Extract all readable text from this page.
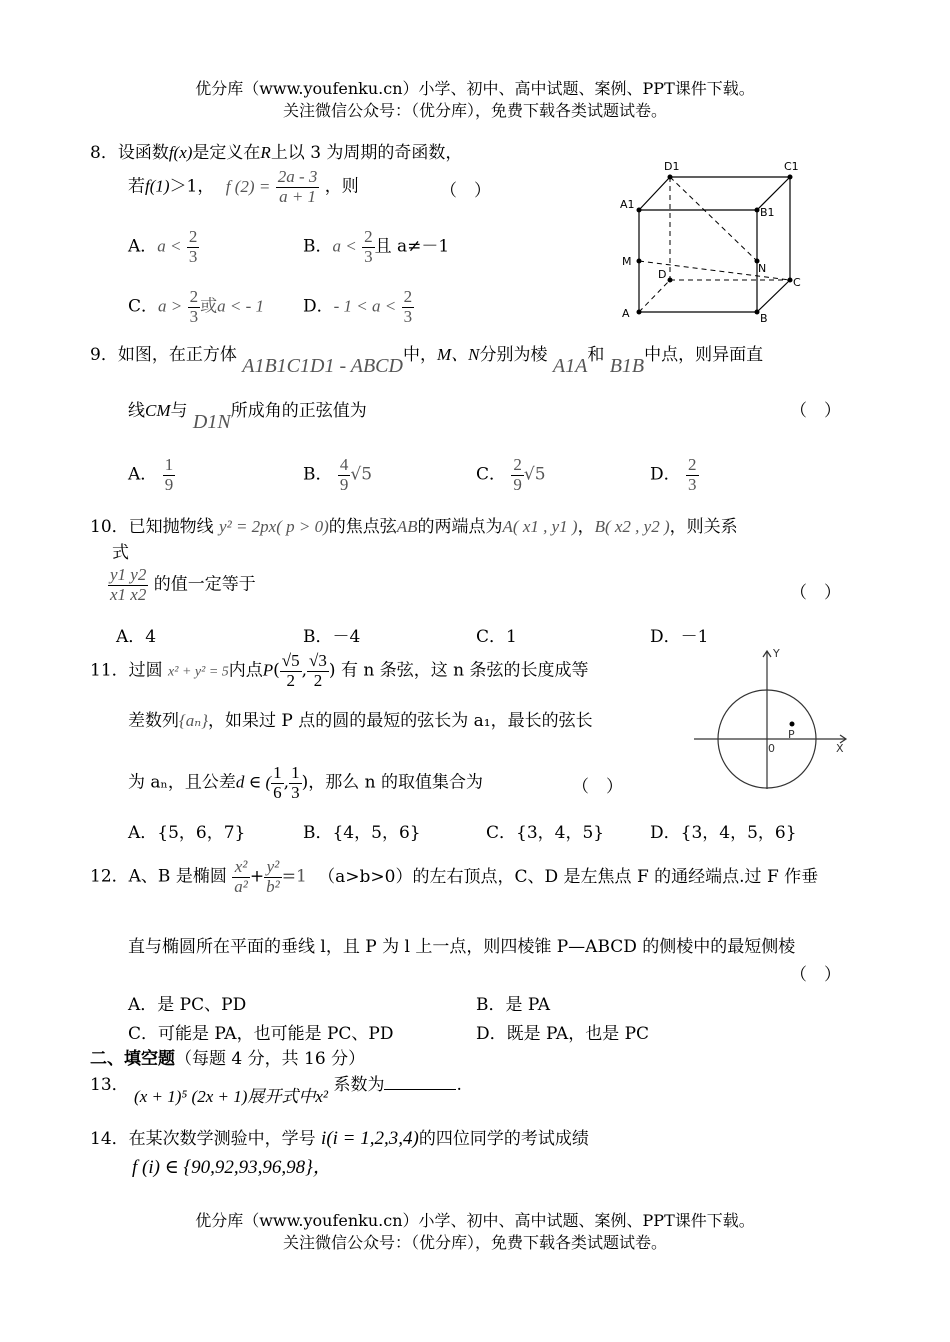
优分库（www.youfenku.cn）小学、初中、高中试题、案例、PPT课件下载。
关注微信公众号：（优分库），免费下载各类试题试卷。
8．设函数f(x)是定义在R上以 3 为周期的奇函数，
若f(1)＞1， f $(2) = \frac{2a - 3}{a + 1}$ ，则	（　）
A．$a < \frac{2}{3}$	B．$a < \frac{2}{3}$ 且 a≠－1
C．$a > \frac{2}{3}$ 或a < - 1 D．- $1 < a < \frac{2}{3}$
D1	C1
A1
B1
M
D	N
C
A	B
9．如图，在正方体 A1B1C1D1 - ABCD中，M、N分别为棱 A1A和 B1B中点，则异面直
线CM与 D1N所成角的正弦值为	（　）
A． $\frac{1}{9}$	B． $\frac{4}{9} √5$	C． $\frac{2}{9} √5$	D． $\frac{2}{3}$
10．已知抛物线 y² = 2px( p > 0)的焦点弦AB的两端点为A( x1 , y1 )，B( x2 , y2 )，则关系
式
$\frac{y1 y2}{x1 x2}$ 的值一定等于	（　）
A．4	B．－4	C．1	D．－1
11．过圆 x² + y² = 5内点$P( \frac{√5}{2}$ , $\frac{√3}{2}$ ) 有 n 条弦，这 n 条弦的长度成等
差数列{aₙ}，如果过 P 点的圆的最短的弦长为 a₁，最长的弦长
为 aₙ，且公差d ∈ ( $\frac{1}{6}$ , $\frac{1}{3}$ )，那么 n 的取值集合为	（　）
Y
X
0
P
A．{5，6，7}	B．{4，5，6}	C．{3，4，5}	D．{3，4，5，6}
12．A、B 是椭圆 $\frac{\text{x²}}{\text{a²}} + \frac{\text{y²}}{\text{b²}} =1$ （a>b>0）的左右顶点，C、D 是左焦点 F 的通经端点.过 F 作垂
直与椭圆所在平面的垂线 l，且 P 为 l 上一点，则四棱锥 P—ABCD 的侧棱中的最短侧棱
（　）
A．是 PC、PD	B．是 PA
C．可能是 PA，也可能是 PC、PD	D．既是 PA，也是 PC
二、填空题（每题 4 分，共 16 分）
13． (x + 1)⁵ (2x + 1)展开式中x² 系数为	.
14．在某次数学测验中，学号 i(i = 1,2,3,4)的四位同学的考试成绩
f (i) ∈ {90,92,93,96,98}，
优分库（www.youfenku.cn）小学、初中、高中试题、案例、PPT课件下载。
关注微信公众号：（优分库），免费下载各类试题试卷。
